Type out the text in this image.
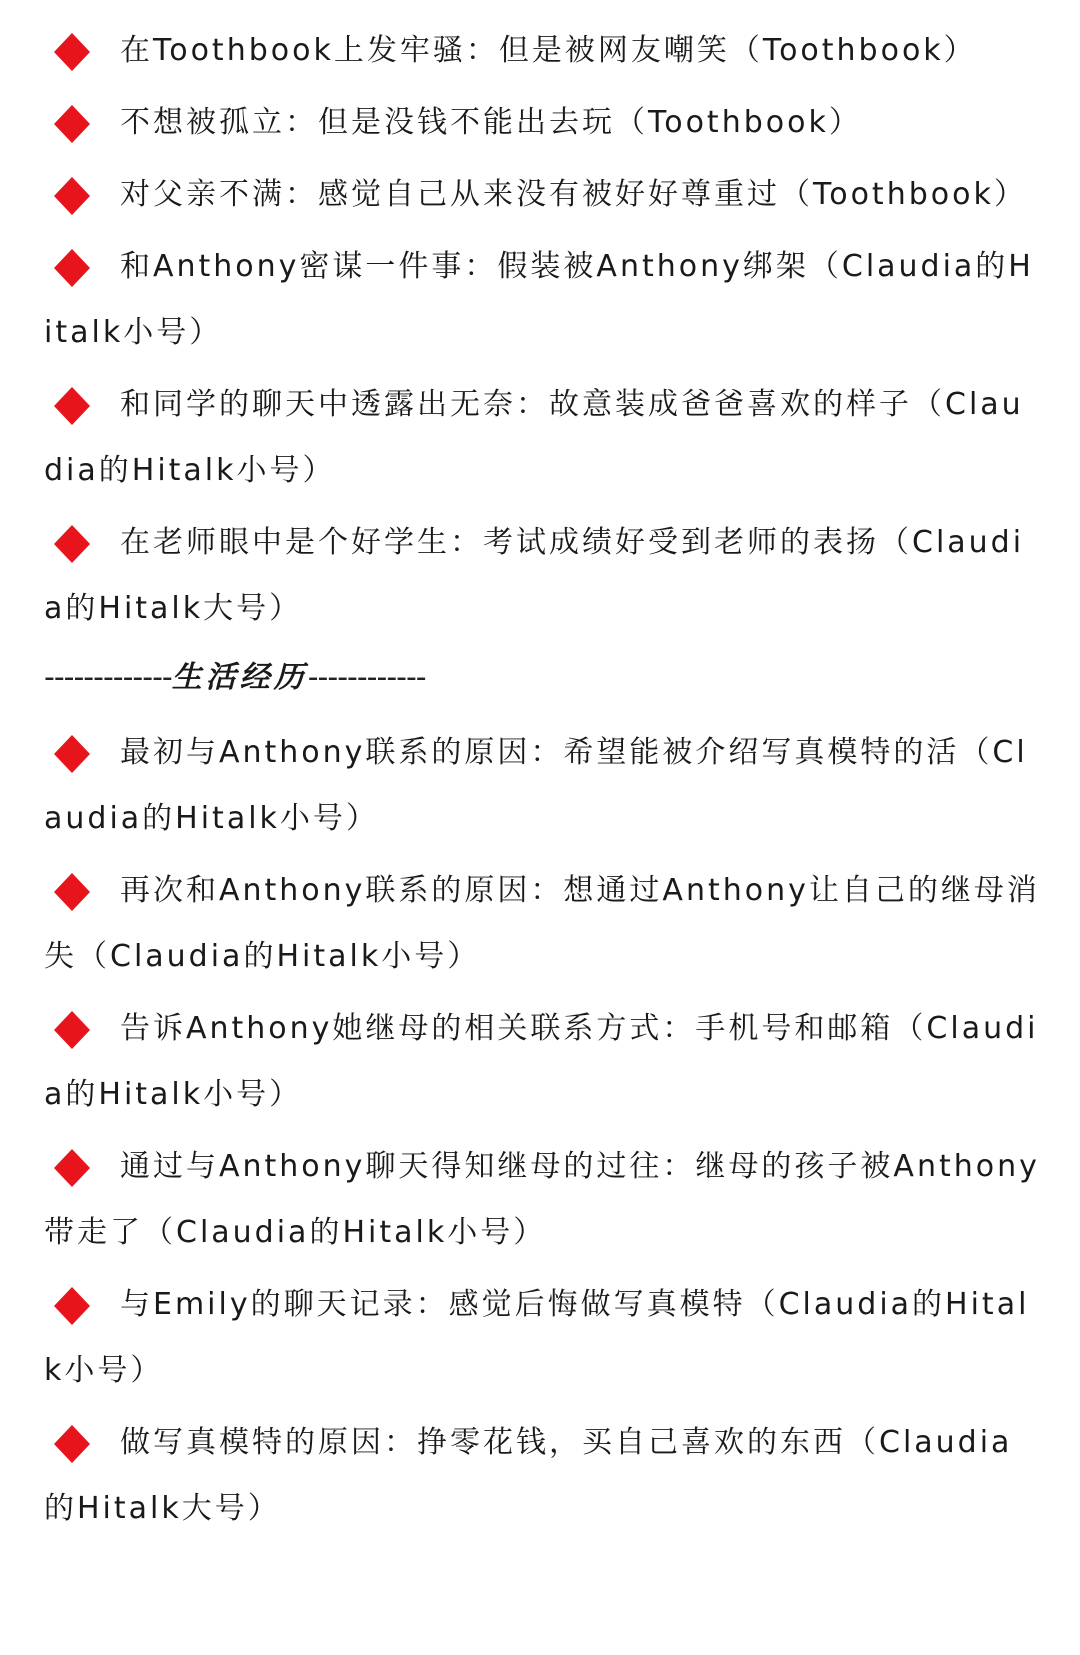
在Toothbook上发牢骚：但是被网友嘲笑（Toothbook）
不想被孤立：但是没钱不能出去玩（Toothbook）
对父亲不满：感觉自己从来没有被好好尊重过（Toothbook）
和Anthony密谋一件事：假装被Anthony绑架（Claudia的Hitalk小号）
和同学的聊天中透露出无奈：故意装成爸爸喜欢的样子（Claudia的Hitalk小号）
在老师眼中是个好学生：考试成绩好受到老师的表扬（Claudia的Hitalk大号）
-------------生活经历------------
最初与Anthony联系的原因：希望能被介绍写真模特的活（Claudia的Hitalk小号）
再次和Anthony联系的原因：想通过Anthony让自己的继母消失（Claudia的Hitalk小号）
告诉Anthony她继母的相关联系方式：手机号和邮箱（Claudia的Hitalk小号）
通过与Anthony聊天得知继母的过往：继母的孩子被Anthony带走了（Claudia的Hitalk小号）
与Emily的聊天记录：感觉后悔做写真模特（Claudia的Hitalk小号）
做写真模特的原因：挣零花钱，买自己喜欢的东西（Claudia的Hitalk大号）
